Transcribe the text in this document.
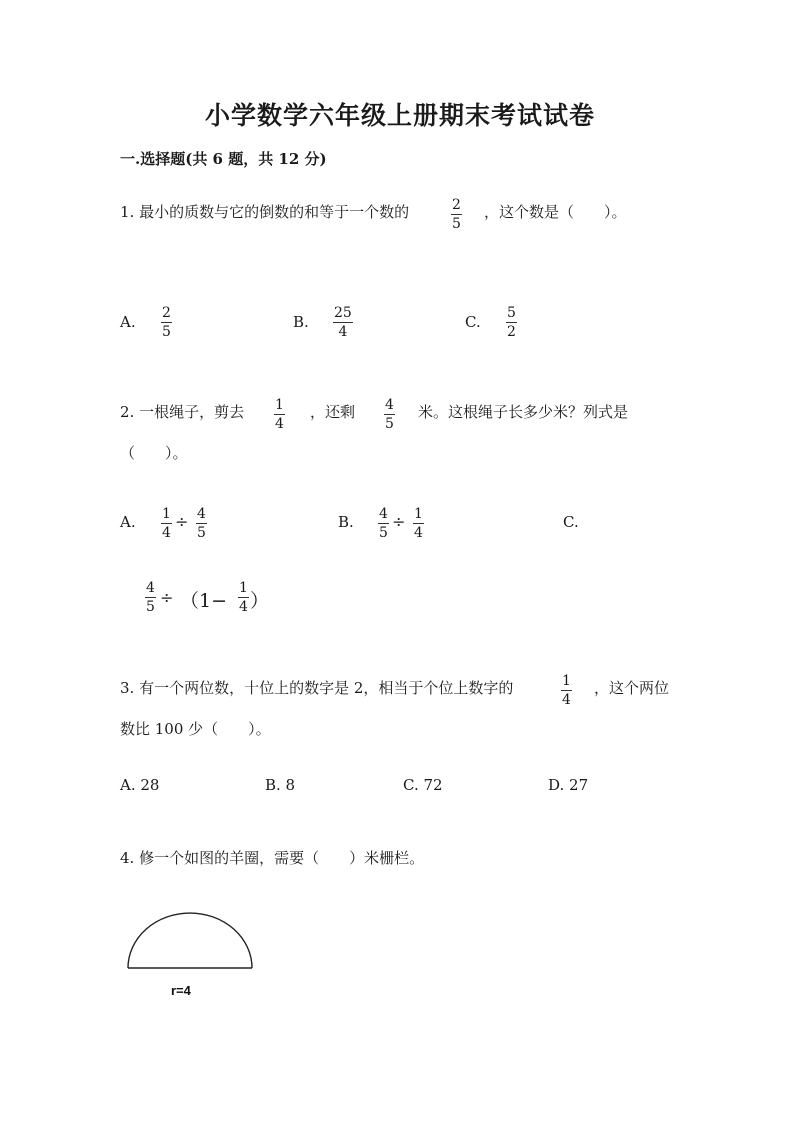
小学数学六年级上册期末考试试卷
一.选择题(共 6 题，共 12 分)
1. 最小的质数与它的倒数的和等于一个数的	2
5
，这个数是（　　）。
A. 2
5
B. 25
4
C. 5
2
2. 一根绳子，剪去 1
4
，还剩 4
5
米。这根绳子长多少米？列式是
（　　）。
A. 1
4
÷ 4
5
B. 4
5
÷ 1
4
C.
4
5 ÷ （1−
1
4 ）
3. 有一个两位数，十位上的数字是 2，相当于个位上数字的	1
4
，这个两位
数比 100 少（　　）。
A. 28	B. 8	C. 72	D. 27
4. 修一个如图的羊圈，需要（　　）米栅栏。
r=4
